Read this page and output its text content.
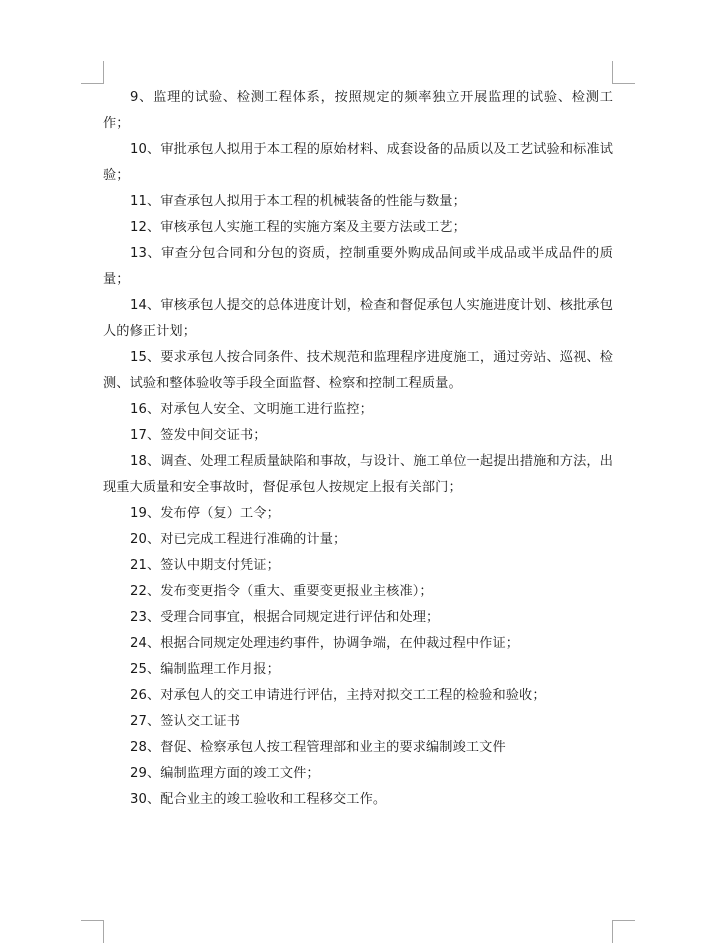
9、监理的试验、检测工程体系，按照规定的频率独立开展监理的试验、检测工作；

10、审批承包人拟用于本工程的原始材料、成套设备的品质以及工艺试验和标准试验；

11、审查承包人拟用于本工程的机械装备的性能与数量；

12、审核承包人实施工程的实施方案及主要方法或工艺；

13、审查分包合同和分包的资质，控制重要外购成品间或半成品或半成品件的质量；

14、审核承包人提交的总体进度计划，检查和督促承包人实施进度计划、核批承包人的修正计划；

15、要求承包人按合同条件、技术规范和监理程序进度施工，通过旁站、巡视、检测、试验和整体验收等手段全面监督、检察和控制工程质量。

16、对承包人安全、文明施工进行监控；

17、签发中间交证书；

18、调查、处理工程质量缺陷和事故，与设计、施工单位一起提出措施和方法，出现重大质量和安全事故时，督促承包人按规定上报有关部门；

19、发布停（复）工令；

20、对已完成工程进行准确的计量；

21、签认中期支付凭证；

22、发布变更指令（重大、重要变更报业主核准）；

23、受理合同事宜，根据合同规定进行评估和处理；

24、根据合同规定处理违约事件，协调争端，在仲裁过程中作证；

25、编制监理工作月报；

26、对承包人的交工申请进行评估，主持对拟交工工程的检验和验收；

27、签认交工证书

28、督促、检察承包人按工程管理部和业主的要求编制竣工文件

29、编制监理方面的竣工文件；

30、配合业主的竣工验收和工程移交工作。
